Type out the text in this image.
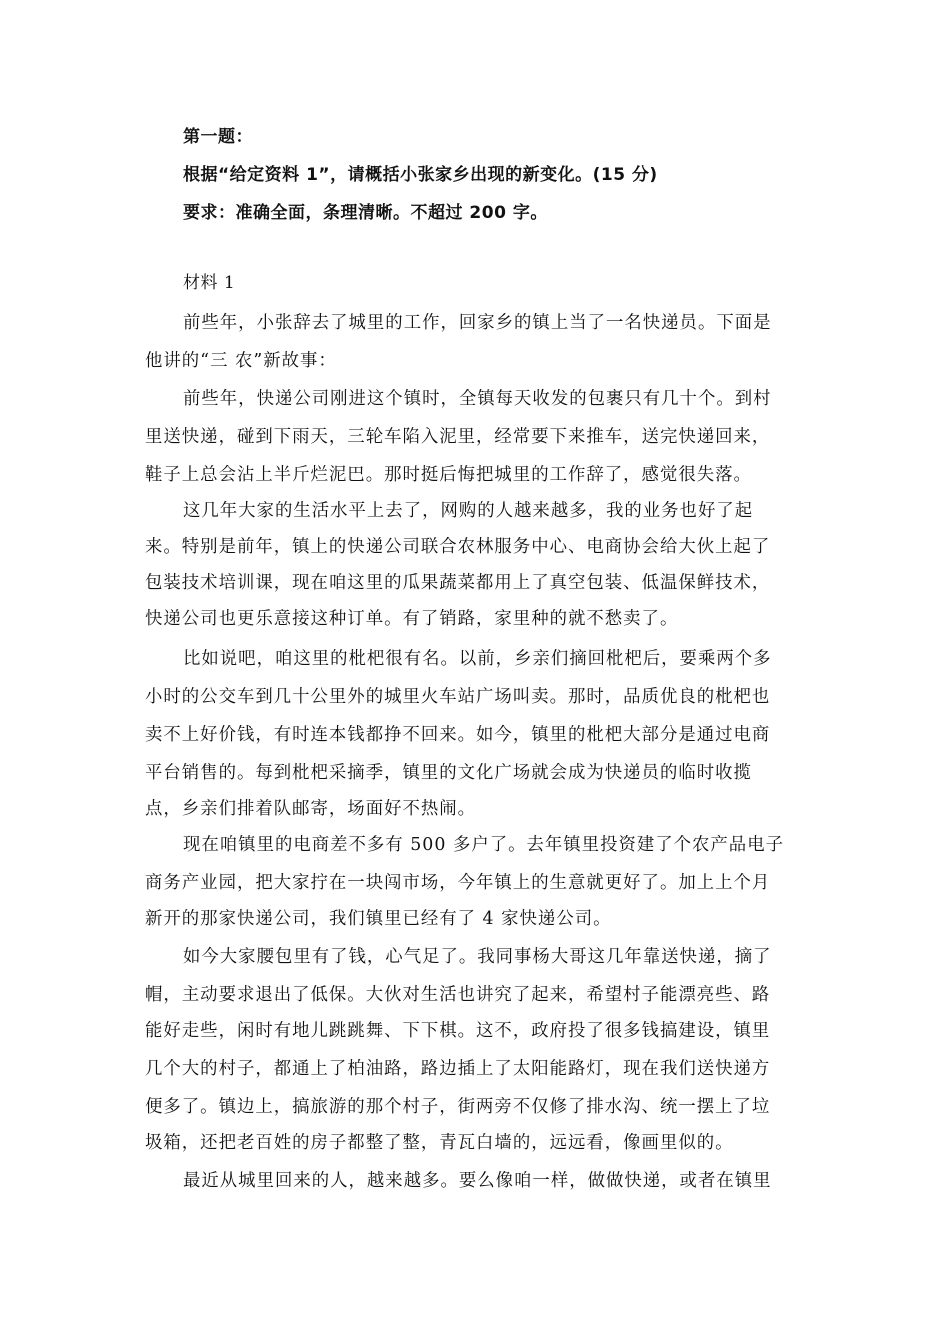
第一题：
根据“给定资料 1”，请概括小张家乡出现的新变化。(15 分)
要求：准确全面，条理清晰。不超过 200 字。
材料 1
前些年，小张辞去了城里的工作，回家乡的镇上当了一名快递员。下面是
他讲的“三 农”新故事：
前些年，快递公司刚进这个镇时，全镇每天收发的包裹只有几十个。到村
里送快递，碰到下雨天，三轮车陷入泥里，经常要下来推车，送完快递回来，
鞋子上总会沾上半斤烂泥巴。那时挺后悔把城里的工作辞了，感觉很失落。
这几年大家的生活水平上去了，网购的人越来越多，我的业务也好了起
来。特别是前年，镇上的快递公司联合农林服务中心、电商协会给大伙上起了
包装技术培训课，现在咱这里的瓜果蔬菜都用上了真空包装、低温保鲜技术，
快递公司也更乐意接这种订单。有了销路，家里种的就不愁卖了。
比如说吧，咱这里的枇杷很有名。以前，乡亲们摘回枇杷后，要乘两个多
小时的公交车到几十公里外的城里火车站广场叫卖。那时，品质优良的枇杷也
卖不上好价钱，有时连本钱都挣不回来。如今，镇里的枇杷大部分是通过电商
平台销售的。每到枇杷采摘季，镇里的文化广场就会成为快递员的临时收揽
点，乡亲们排着队邮寄，场面好不热闹。
现在咱镇里的电商差不多有 500 多户了。去年镇里投资建了个农产品电子
商务产业园，把大家拧在一块闯市场，今年镇上的生意就更好了。加上上个月
新开的那家快递公司，我们镇里已经有了 4 家快递公司。
如今大家腰包里有了钱，心气足了。我同事杨大哥这几年靠送快递，摘了
帽，主动要求退出了低保。大伙对生活也讲究了起来，希望村子能漂亮些、路
能好走些，闲时有地儿跳跳舞、下下棋。这不，政府投了很多钱搞建设，镇里
几个大的村子，都通上了柏油路，路边插上了太阳能路灯，现在我们送快递方
便多了。镇边上，搞旅游的那个村子，街两旁不仅修了排水沟、统一摆上了垃
圾箱，还把老百姓的房子都整了整，青瓦白墙的，远远看，像画里似的。
最近从城里回来的人，越来越多。要么像咱一样，做做快递，或者在镇里
